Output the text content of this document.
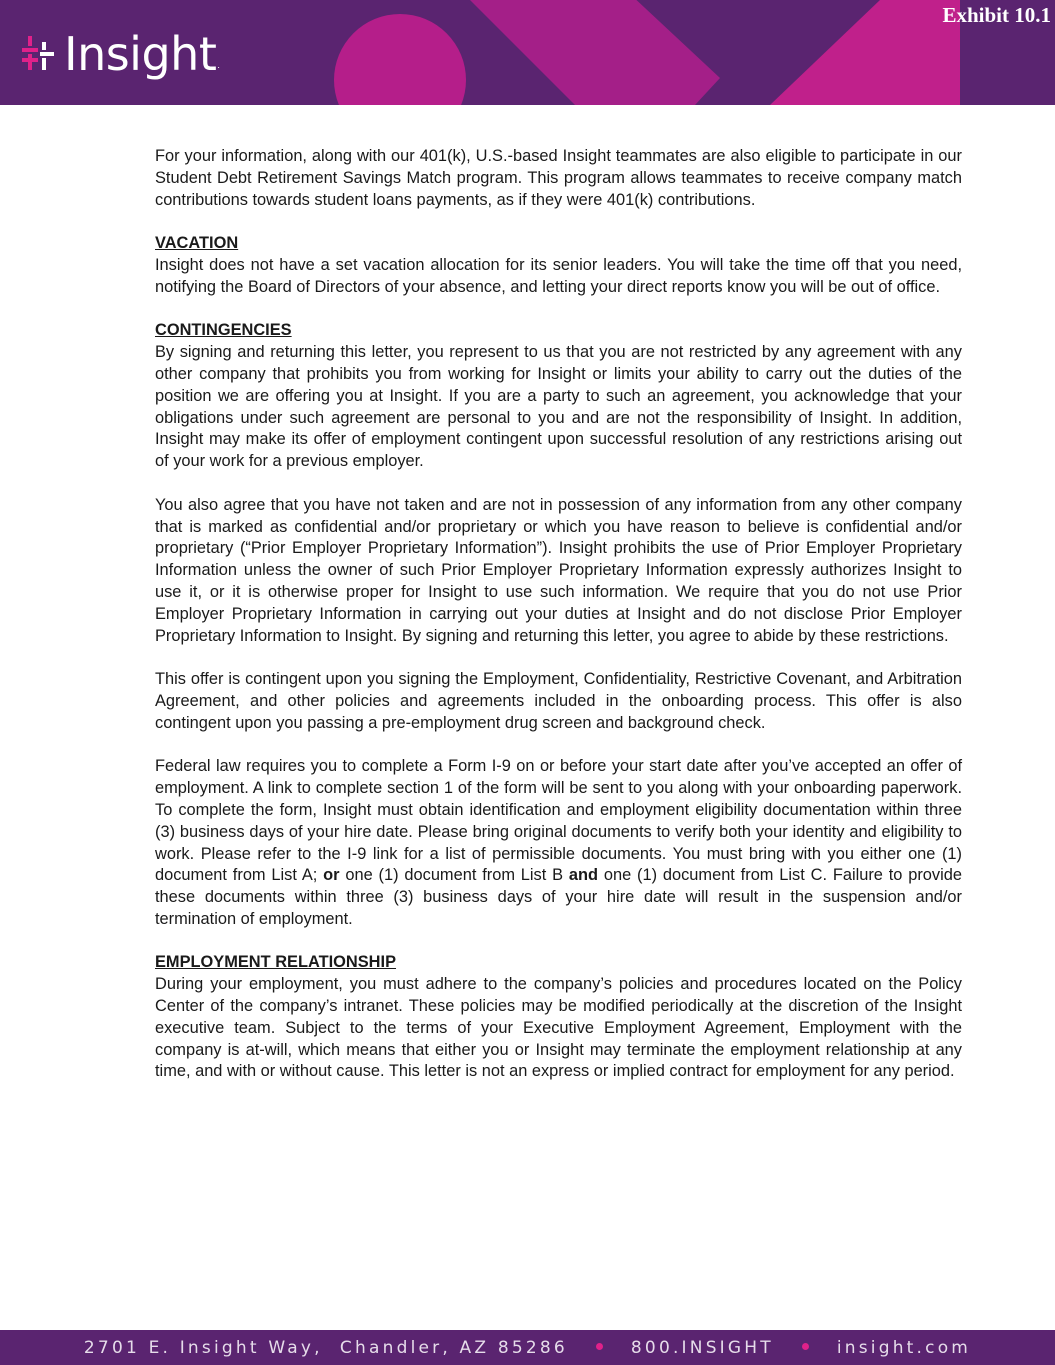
Insight .
Exhibit 10.1

For your information, along with our 401(k), U.S.-based Insight teammates are also eligible to participate in our Student Debt Retirement Savings Match program. This program allows teammates to receive company match contributions towards student loans payments, as if they were 401(k) contributions.

VACATION
Insight does not have a set vacation allocation for its senior leaders. You will take the time off that you need, notifying the Board of Directors of your absence, and letting your direct reports know you will be out of office.

CONTINGENCIES
By signing and returning this letter, you represent to us that you are not restricted by any agreement with any other company that prohibits you from working for Insight or limits your ability to carry out the duties of the position we are offering you at Insight. If you are a party to such an agreement, you acknowledge that your obligations under such agreement are personal to you and are not the responsibility of Insight. In addition, Insight may make its offer of employment contingent upon successful resolution of any restrictions arising out of your work for a previous employer.

You also agree that you have not taken and are not in possession of any information from any other company that is marked as confidential and/or proprietary or which you have reason to believe is confidential and/or proprietary (“Prior Employer Proprietary Information”). Insight prohibits the use of Prior Employer Proprietary Information unless the owner of such Prior Employer Proprietary Information expressly authorizes Insight to use it, or it is otherwise proper for Insight to use such information. We require that you do not use Prior Employer Proprietary Information in carrying out your duties at Insight and do not disclose Prior Employer Proprietary Information to Insight. By signing and returning this letter, you agree to abide by these restrictions.

This offer is contingent upon you signing the Employment, Confidentiality, Restrictive Covenant, and Arbitration Agreement, and other policies and agreements included in the onboarding process. This offer is also contingent upon you passing a pre-employment drug screen and background check.

Federal law requires you to complete a Form I-9 on or before your start date after you’ve accepted an offer of employment. A link to complete section 1 of the form will be sent to you along with your onboarding paperwork. To complete the form, Insight must obtain identification and employment eligibility documentation within three (3) business days of your hire date. Please bring original documents to verify both your identity and eligibility to work. Please refer to the I-9 link for a list of permissible documents. You must bring with you either one (1) document from List A; or one (1) document from List B and one (1) document from List C. Failure to provide these documents within three (3) business days of your hire date will result in the suspension and/or termination of employment.

EMPLOYMENT RELATIONSHIP
During your employment, you must adhere to the company’s policies and procedures located on the Policy Center of the company’s intranet. These policies may be modified periodically at the discretion of the Insight executive team. Subject to the terms of your Executive Employment Agreement, Employment with the company is at-will, which means that either you or Insight may terminate the employment relationship at any time, and with or without cause. This letter is not an express or implied contract for employment for any period.

2701 E. Insight Way,  Chandler, AZ 85286	800.INSIGHT	insight.com
